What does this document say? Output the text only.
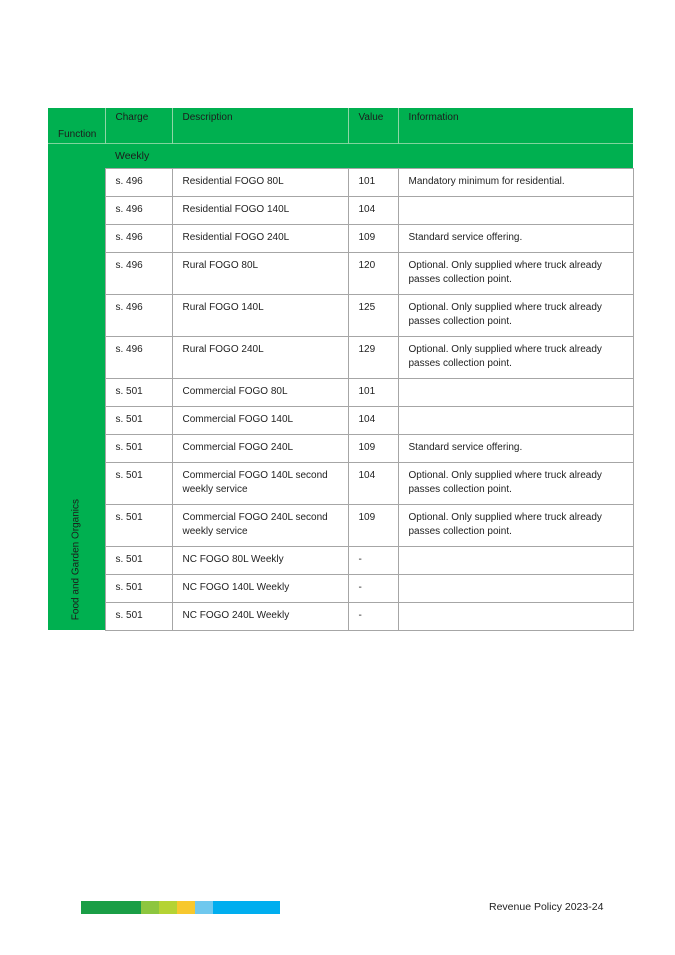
Function	Charge	Description	Value	Information

Food and Garden Organics	Weekly			
	s. 496	Residential FOGO 80L	101	Mandatory minimum for residential.
	s. 496	Residential FOGO 140L	104	
	s. 496	Residential FOGO 240L	109	Standard service offering.
	s. 496	Rural FOGO 80L	120	Optional. Only supplied where truck already passes collection point.
	s. 496	Rural FOGO 140L	125	Optional. Only supplied where truck already passes collection point.
	s. 496	Rural FOGO 240L	129	Optional. Only supplied where truck already passes collection point.
	s. 501	Commercial FOGO 80L	101	
	s. 501	Commercial FOGO 140L	104	
	s. 501	Commercial FOGO 240L	109	Standard service offering.
	s. 501	Commercial FOGO 140L second weekly service	104	Optional. Only supplied where truck already passes collection point.
	s. 501	Commercial FOGO 240L second weekly service	109	Optional. Only supplied where truck already passes collection point.
	s. 501	NC FOGO 80L Weekly	-	
	s. 501	NC FOGO 140L Weekly	-	
	s. 501	NC FOGO 240L Weekly	-	
Revenue Policy 2023-24
